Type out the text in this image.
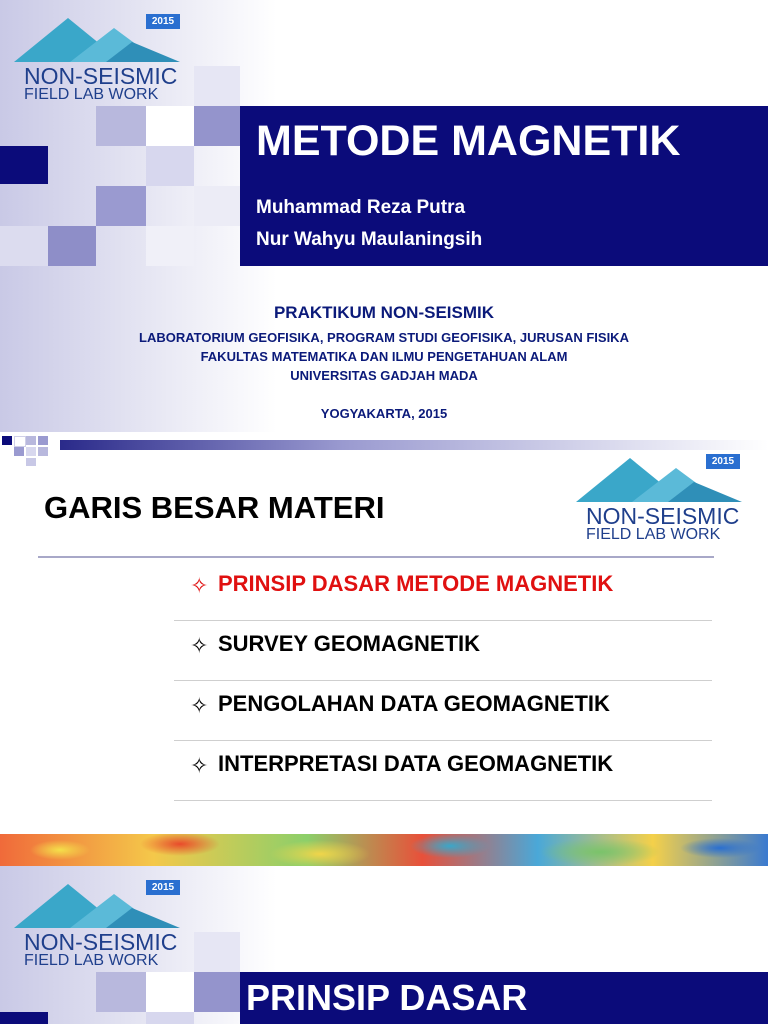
2015
NON-SEISMIC
FIELD LAB WORK
METODE MAGNETIK
Muhammad Reza Putra
Nur Wahyu Maulaningsih
PRAKTIKUM NON-SEISMIK
LABORATORIUM GEOFISIKA, PROGRAM STUDI GEOFISIKA, JURUSAN FISIKA
FAKULTAS MATEMATIKA DAN ILMU PENGETAHUAN ALAM
UNIVERSITAS GADJAH MADA
YOGYAKARTA, 2015
2015
NON-SEISMIC
FIELD LAB WORK
GARIS BESAR MATERI
✧ PRINSIP DASAR METODE MAGNETIK
✧ SURVEY GEOMAGNETIK
✧ PENGOLAHAN DATA GEOMAGNETIK
✧ INTERPRETASI DATA GEOMAGNETIK
2015
NON-SEISMIC
FIELD LAB WORK
PRINSIP DASAR
